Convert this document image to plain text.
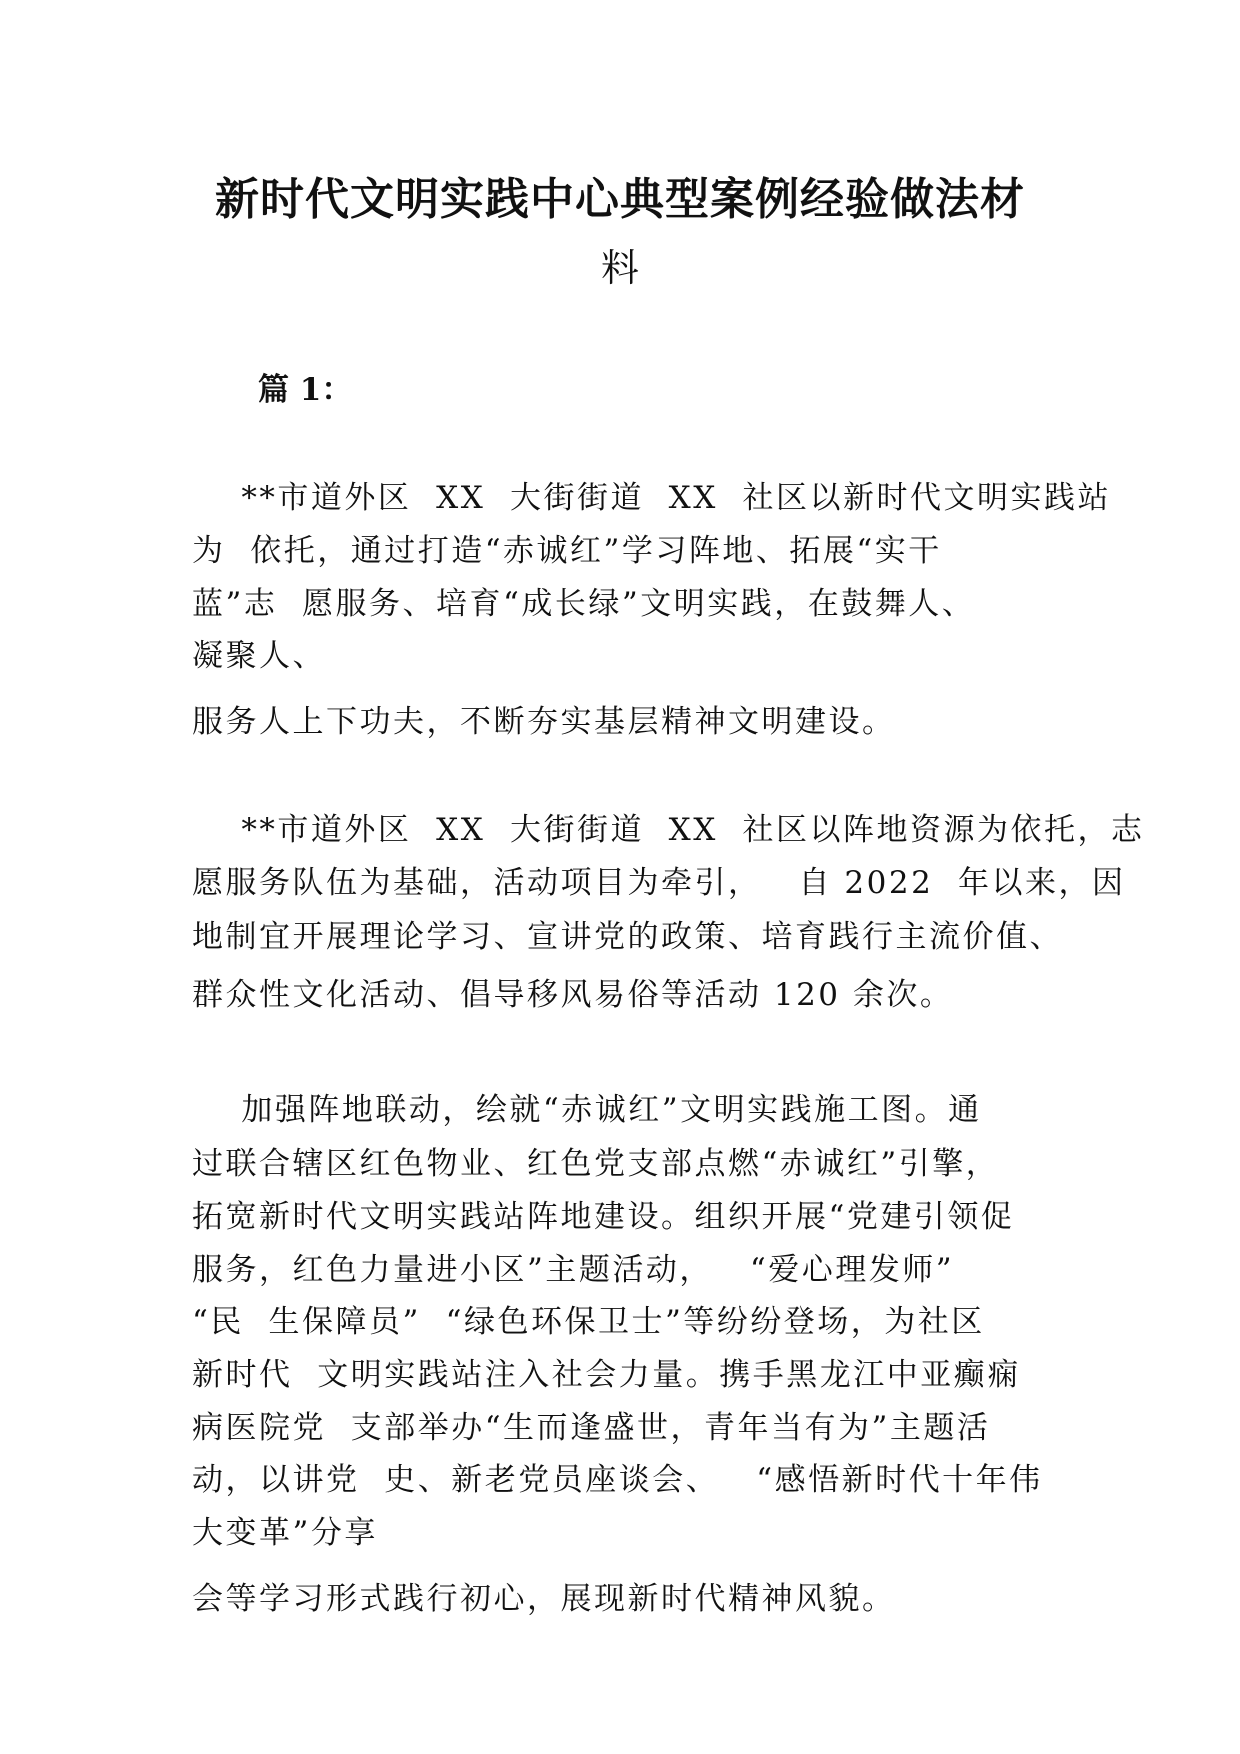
新时代文明实践中心典型案例经验做法材
料
篇 1：
**市道外区  XX  大街街道  XX  社区以新时代文明实践站
为  依托，通过打造“赤诚红”学习阵地、拓展“实干
蓝”志  愿服务、培育“成长绿”文明实践，在鼓舞人、
凝聚人、
服务人上下功夫，不断夯实基层精神文明建设。
**市道外区  XX  大街街道  XX  社区以阵地资源为依托，志
愿服务队伍为基础，活动项目为牵引，   自 2022  年以来，因
地制宜开展理论学习、宣讲党的政策、培育践行主流价值、
群众性文化活动、倡导移风易俗等活动 120 余次。
加强阵地联动，绘就“赤诚红”文明实践施工图。通
过联合辖区红色物业、红色党支部点燃“赤诚红”引擎，
拓宽新时代文明实践站阵地建设。组织开展“党建引领促
服务，红色力量进小区”主题活动，   “爱心理发师”
“民  生保障员”  “绿色环保卫士”等纷纷登场，为社区
新时代  文明实践站注入社会力量。携手黑龙江中亚癫痫
病医院党  支部举办“生而逢盛世，青年当有为”主题活
动，以讲党  史、新老党员座谈会、   “感悟新时代十年伟
大变革”分享
会等学习形式践行初心，展现新时代精神风貌。
